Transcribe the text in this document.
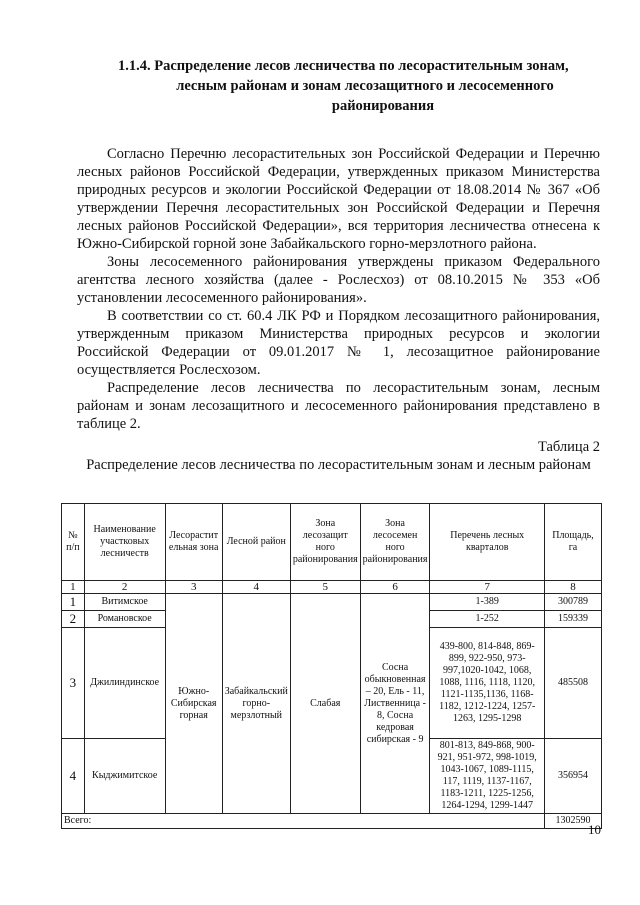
1.1.4. Распределение лесов лесничества по лесорастительным зонам,
лесным районам и зонам лесозащитного и лесосеменного
районирования

Согласно Перечню лесорастительных зон Российской Федерации и Перечню лесных районов Российской Федерации, утвержденных приказом Министерства природных ресурсов и экологии Российской Федерации от 18.08.2014 № 367 «Об утверждении Перечня лесорастительных зон Российской Федерации и Перечня лесных районов Российской Федерации», вся территория лесничества отнесена к Южно-Сибирской горной зоне Забайкальского горно-мерзлотного района.

Зоны лесосеменного районирования утверждены приказом Федерального агентства лесного хозяйства (далее - Рослесхоз) от 08.10.2015 № 353 «Об установлении лесосеменного районирования».

В соответствии со ст. 60.4 ЛК РФ и Порядком лесозащитного районирования, утвержденным приказом Министерства природных ресурсов и экологии Российской Федерации от 09.01.2017 № 1, лесозащитное районирование осуществляется Рослесхозом.

Распределение лесов лесничества по лесорастительным зонам, лесным районам и зонам лесозащитного и лесосеменного районирования представлено в таблице 2.

Таблица 2
Распределение лесов лесничества по лесорастительным зонам и лесным районам
№ п/п	Наименование участковых лесничеств	Лесорастит ельная зона	Лесной район	Зона лесозащит ного районирования	Зона лесосемен ного районирования	Перечень лесных кварталов	Площадь, га
1	2	3	4	5	6	7	8
1	Витимское	Южно-Сибирская горная	Забайкальский горно-мерзлотный	Слабая	Сосна обыкновенная – 20, Ель - 11, Лиственница - 8, Сосна кедровая сибирская - 9	1-389	300789
2	Романовское					1-252	159339
3	Джилиндинское					439-800, 814-848, 869-899, 922-950, 973-997,1020-1042, 1068, 1088, 1116, 1118, 1120, 1121-1135,1136, 1168-1182, 1212-1224, 1257-1263, 1295-1298	485508
4	Кыджимитское					801-813, 849-868, 900-921, 951-972, 998-1019, 1043-1067, 1089-1115, 117, 1119, 1137-1167, 1183-1211, 1225-1256, 1264-1294, 1299-1447	356954
Всего:							1302590
10
